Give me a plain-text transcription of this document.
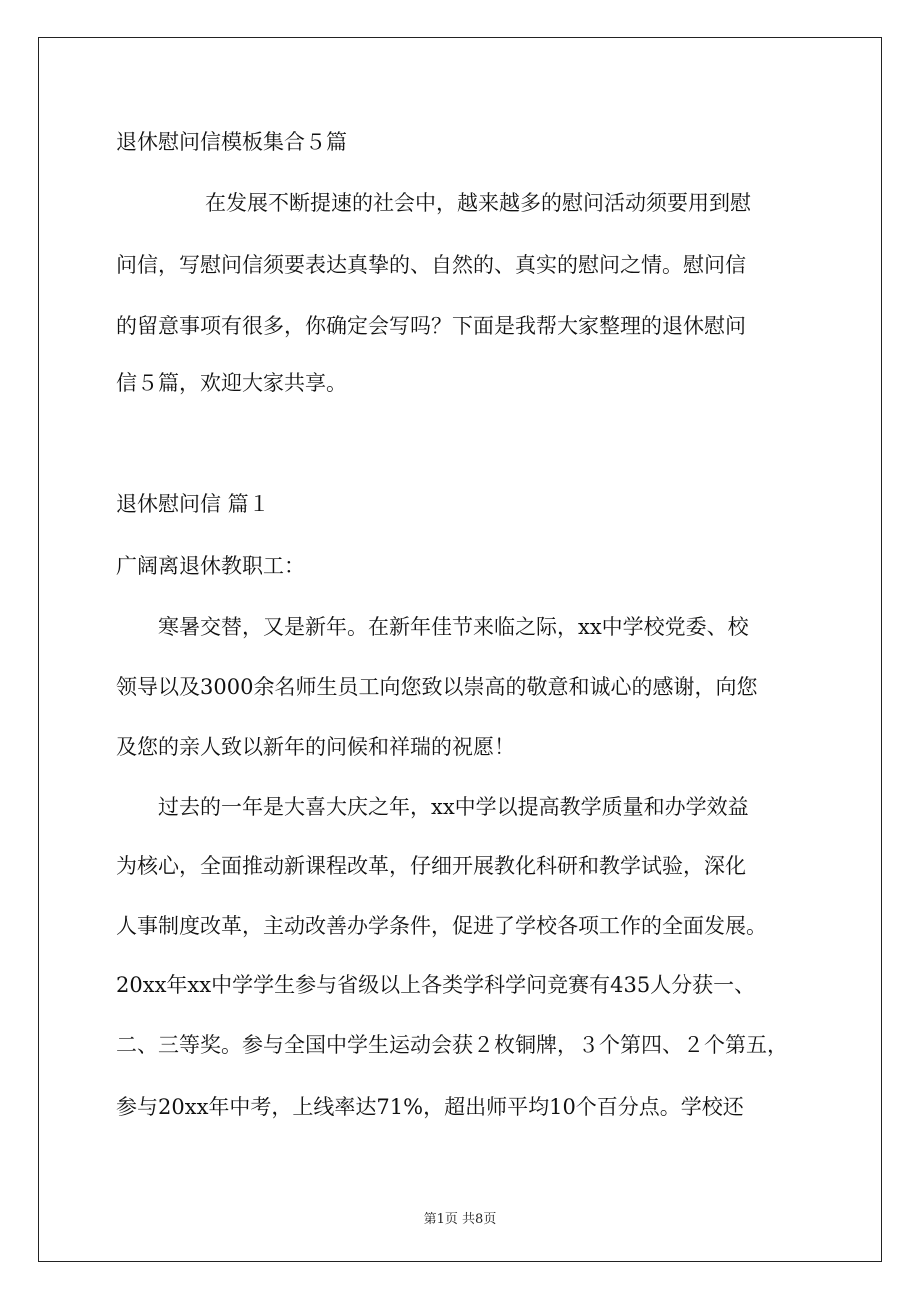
退休慰问信模板集合５篇
在发展不断提速的社会中，越来越多的慰问活动须要用到慰
问信，写慰问信须要表达真挚的、自然的、真实的慰问之情。慰问信
的留意事项有很多，你确定会写吗？下面是我帮大家整理的退休慰问
信５篇，欢迎大家共享。
退休慰问信 篇１
广阔离退休教职工：
寒暑交替，又是新年。在新年佳节来临之际，xx中学校党委、校
领导以及3000余名师生员工向您致以崇高的敬意和诚心的感谢，向您
及您的亲人致以新年的问候和祥瑞的祝愿！
过去的一年是大喜大庆之年，xx中学以提高教学质量和办学效益
为核心，全面推动新课程改革，仔细开展教化科研和教学试验，深化
人事制度改革，主动改善办学条件，促进了学校各项工作的全面发展。
20xx年xx中学学生参与省级以上各类学科学问竞赛有435人分获一、
二、三等奖。参与全国中学生运动会获２枚铜牌，３个第四、２个第五，
参与20xx年中考，上线率达71%，超出师平均10个百分点。学校还
第1页 共8页
